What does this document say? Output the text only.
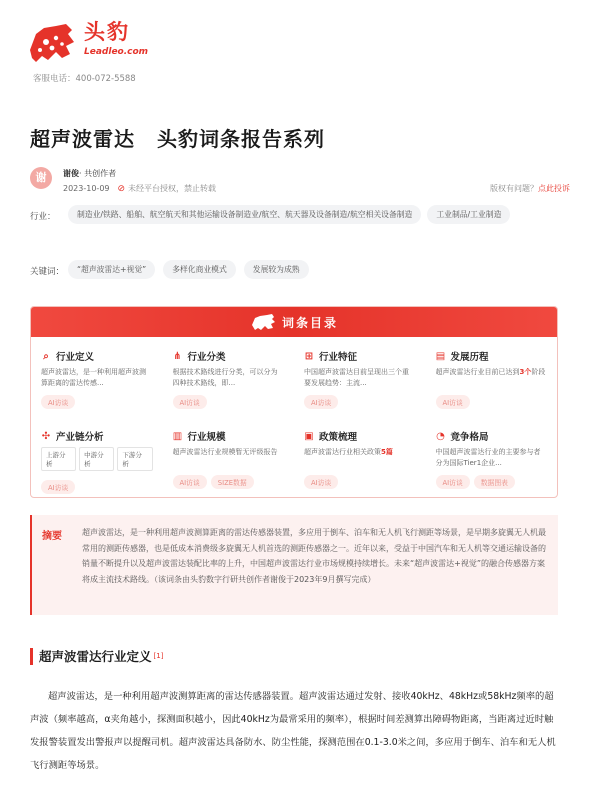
头豹
Leadleo.com
客服电话：400-072-5588
超声波雷达 头豹词条报告系列
谢	谢俊· 共创作者
2023-10-09 ⊘ 未经平台授权，禁止转载	版权有问题？点此投诉
行业：	制造业/铁路、船舶、航空航天和其他运输设备制造业/航空、航天器及设备制造/航空相关设备制造	工业制品/工业制造
关键词：	“超声波雷达+视觉”	多样化商业模式	发展较为成熟
词条目录
⌕ 行业定义
超声波雷达，是一种利用超声波测算距离的雷达传感...
AI访谈
⋔ 行业分类
根据技术路线进行分类，可以分为四种技术路线，即...
AI访谈
⊞ 行业特征
中国超声波雷达目前呈现出三个重要发展趋势：主流...
AI访谈
▤ 发展历程
超声波雷达行业目前已达到3个阶段
AI访谈
✣ 产业链分析
上游分析
中游分析
下游分析
AI访谈
▥ 行业规模
超声波雷达行业规模暂无评级报告
AI访谈	SIZE数据
▣ 政策梳理
超声波雷达行业相关政策5篇
AI访谈
◔ 竞争格局
中国超声波雷达行业的主要参与者分为国际Tier1企业...
AI访谈	数据图表
摘要	超声波雷达，是一种利用超声波测算距离的雷达传感器装置，多应用于倒车、泊车和无人机飞行测距等场景，是早期多旋翼无人机最常用的测距传感器，也是低成本消费级多旋翼无人机首选的测距传感器之一。近年以来，受益于中国汽车和无人机等交通运输设备的销量不断提升以及超声波雷达装配比率的上升，中国超声波雷达行业市场规模持续增长。未来“超声波雷达+视觉”的融合传感器方案将成主流技术路线。（该词条由头豹数字行研共创作者谢俊于2023年9月撰写完成）
超声波雷达行业定义 [1]
超声波雷达，是一种利用超声波测算距离的雷达传感器装置。超声波雷达通过发射、接收40kHz、48kHz或58kHz频率的超声波（频率越高，α夹角越小，探测面积越小，因此40kHz为最常采用的频率），根据时间差测算出障碍物距离，当距离过近时触发报警装置发出警报声以提醒司机。超声波雷达具备防水、防尘性能，探测范围在0.1-3.0米之间，多应用于倒车、泊车和无人机飞行测距等场景。
